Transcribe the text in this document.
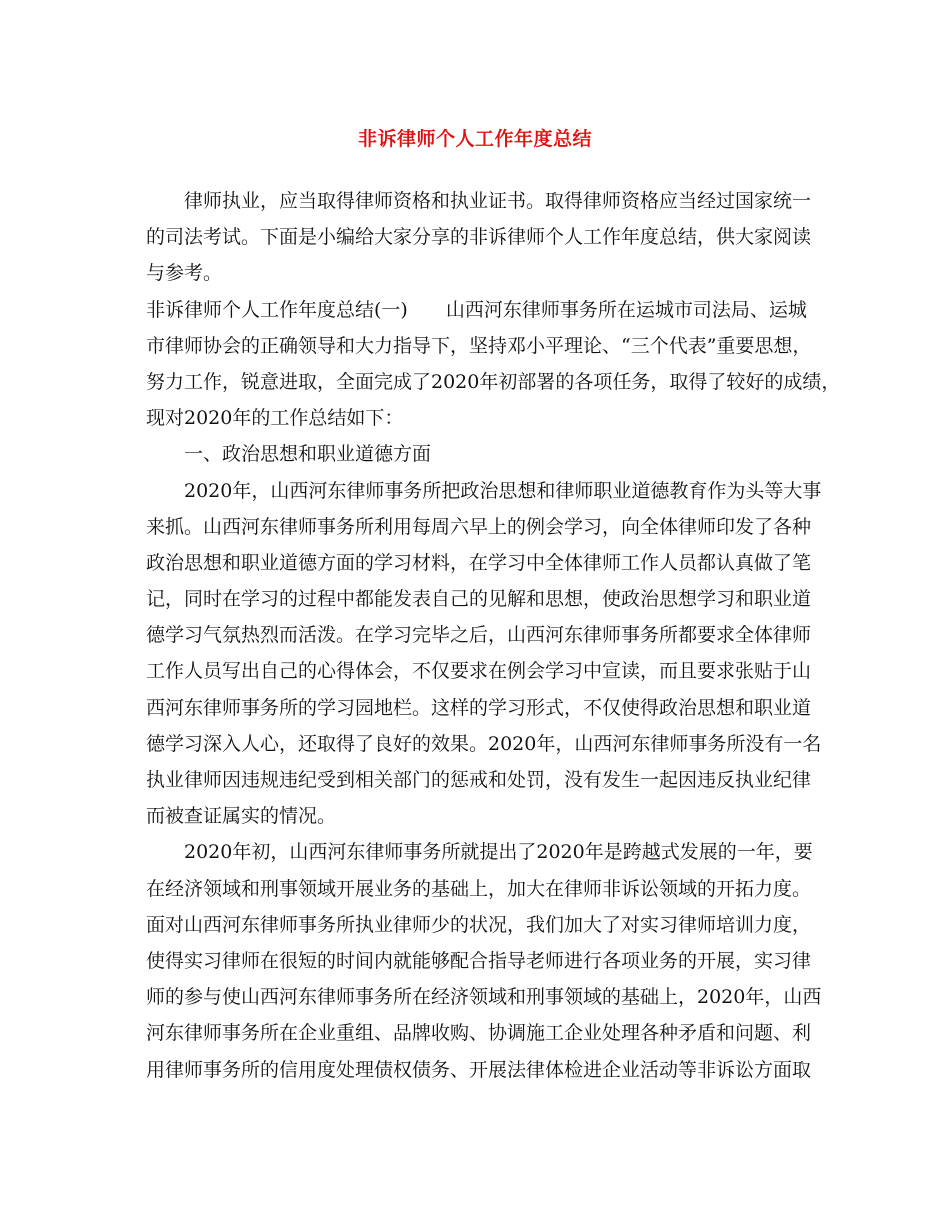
非诉律师个人工作年度总结
律师执业，应当取得律师资格和执业证书。取得律师资格应当经过国家统一
的司法考试。下面是小编给大家分享的非诉律师个人工作年度总结，供大家阅读
与参考。
非诉律师个人工作年度总结(一)　　山西河东律师事务所在运城市司法局、运城
市律师协会的正确领导和大力指导下，坚持邓小平理论、“三个代表”重要思想，
努力工作，锐意进取，全面完成了2020年初部署的各项任务，取得了较好的成绩，
现对2020年的工作总结如下：
一、政治思想和职业道德方面
2020年，山西河东律师事务所把政治思想和律师职业道德教育作为头等大事
来抓。山西河东律师事务所利用每周六早上的例会学习，向全体律师印发了各种
政治思想和职业道德方面的学习材料，在学习中全体律师工作人员都认真做了笔
记，同时在学习的过程中都能发表自己的见解和思想，使政治思想学习和职业道
德学习气氛热烈而活泼。在学习完毕之后，山西河东律师事务所都要求全体律师
工作人员写出自己的心得体会，不仅要求在例会学习中宣读，而且要求张贴于山
西河东律师事务所的学习园地栏。这样的学习形式，不仅使得政治思想和职业道
德学习深入人心，还取得了良好的效果。2020年，山西河东律师事务所没有一名
执业律师因违规违纪受到相关部门的惩戒和处罚，没有发生一起因违反执业纪律
而被查证属实的情况。
2020年初，山西河东律师事务所就提出了2020年是跨越式发展的一年，要
在经济领域和刑事领域开展业务的基础上，加大在律师非诉讼领域的开拓力度。
面对山西河东律师事务所执业律师少的状况，我们加大了对实习律师培训力度，
使得实习律师在很短的时间内就能够配合指导老师进行各项业务的开展，实习律
师的参与使山西河东律师事务所在经济领域和刑事领域的基础上，2020年，山西
河东律师事务所在企业重组、品牌收购、协调施工企业处理各种矛盾和问题、利
用律师事务所的信用度处理债权债务、开展法律体检进企业活动等非诉讼方面取
